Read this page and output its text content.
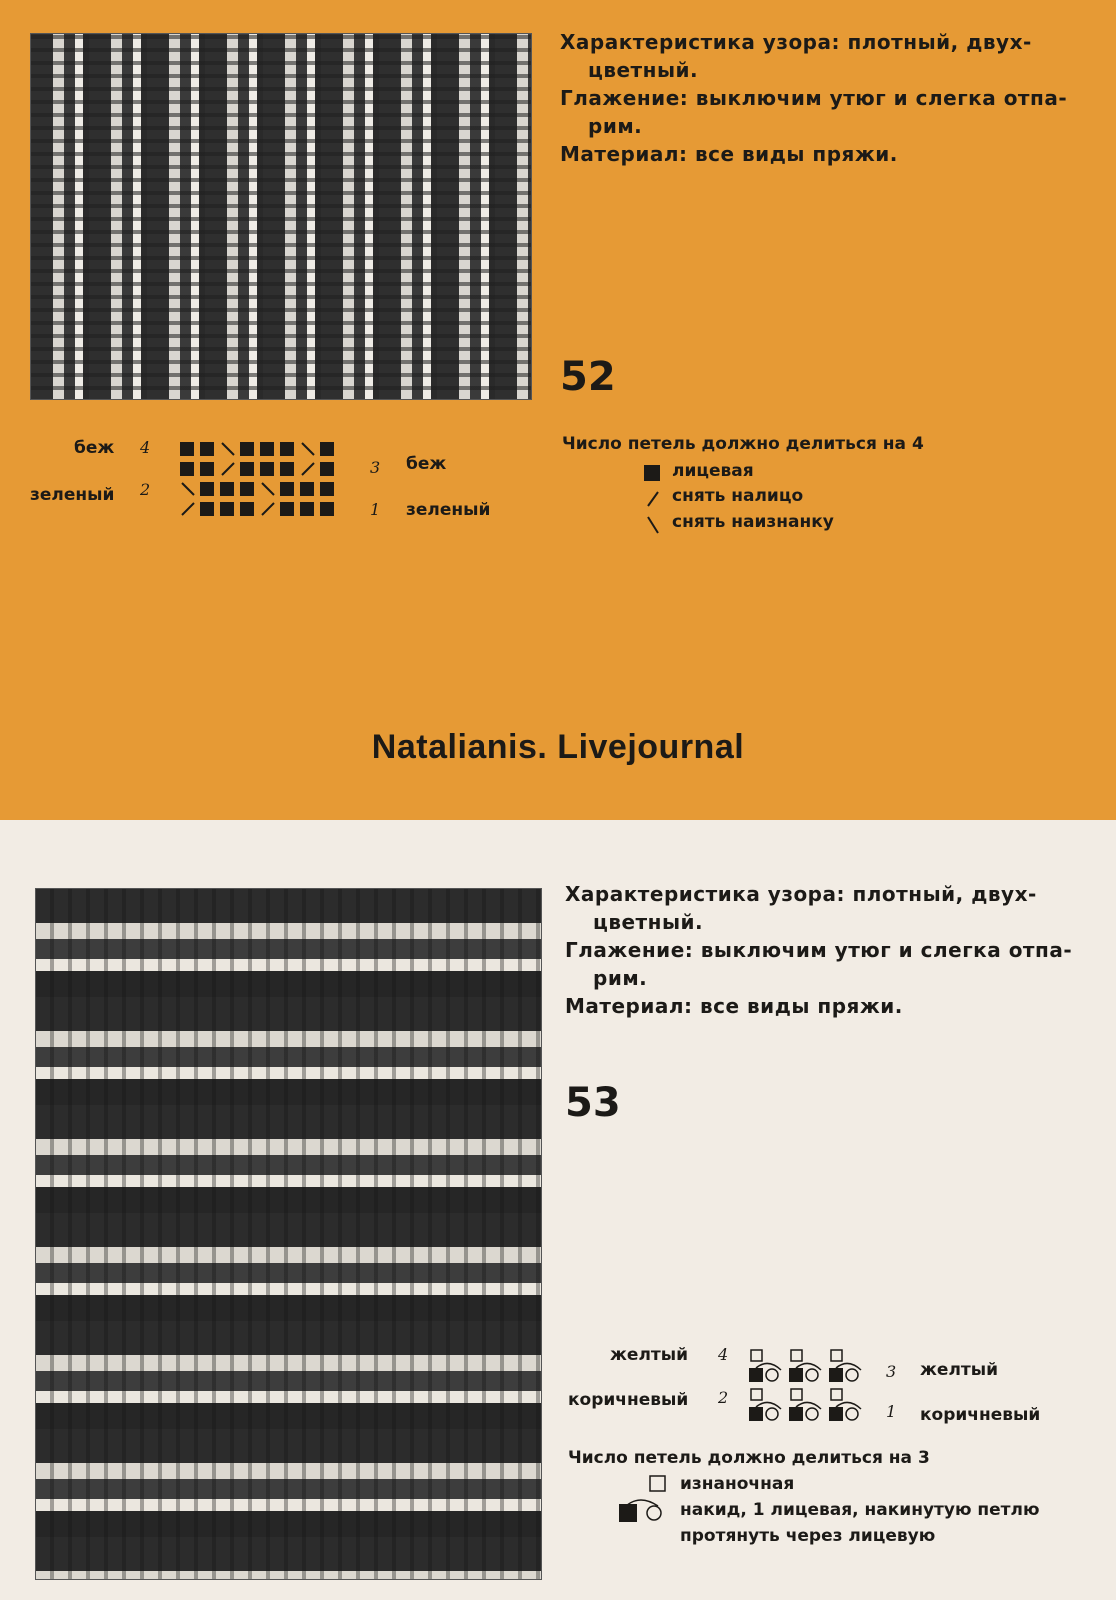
Характеристика узора: плотный, двух-

цветный.

Глажение: выключим утюг и слегка отпа-

рим.

Материал: все виды пряжи.

52
беж 4
зеленый 2
3 беж
1 зеленый
Число петель должно делиться на 4
лицевая
снять налицо
снять наизнанку
Natalianis. Livejournal

Характеристика узора: плотный, двух-

цветный.

Глажение: выключим утюг и слегка отпа-

рим.

Материал: все виды пряжи.

53
желтый 4
коричневый 2
3 желтый
1 коричневый
Число петель должно делиться на 3
изнаночная
накид, 1 лицевая, накинутую петлю
протянуть через лицевую
